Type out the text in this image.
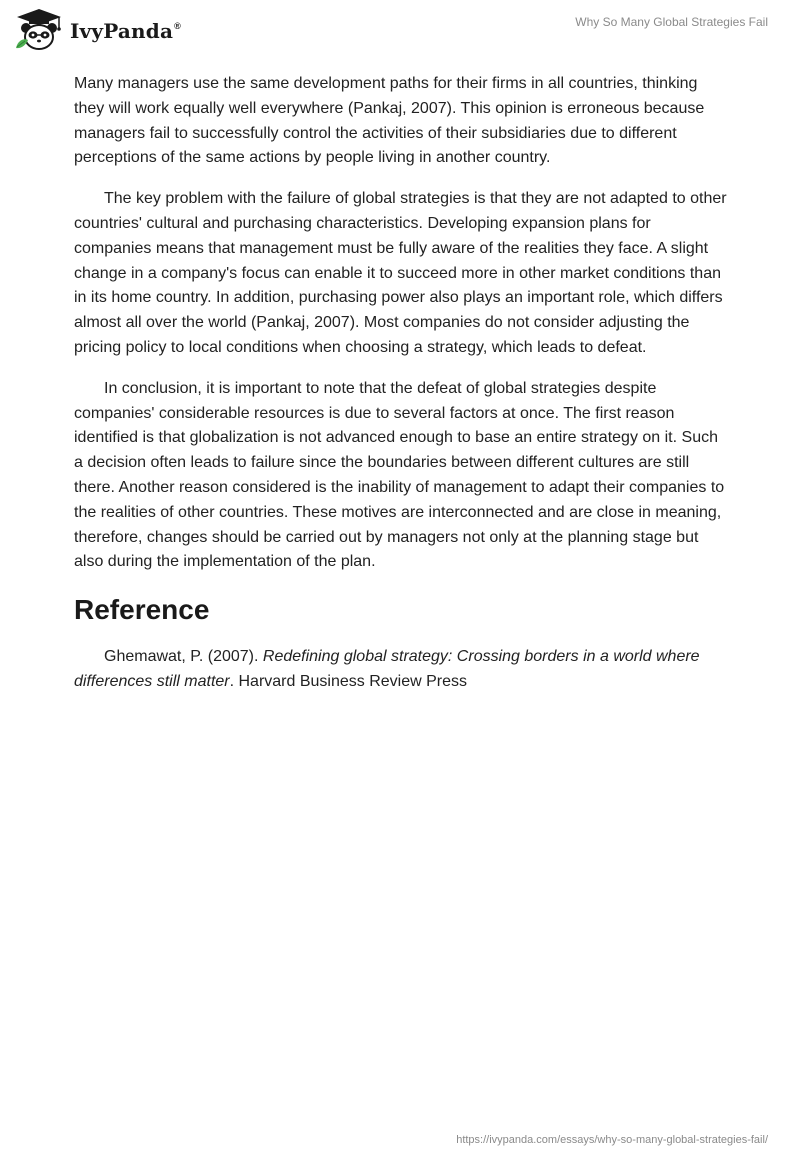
IvyPanda®	Why So Many Global Strategies Fail

Many managers use the same development paths for their firms in all countries, thinking they will work equally well everywhere (Pankaj, 2007). This opinion is erroneous because managers fail to successfully control the activities of their subsidiaries due to different perceptions of the same actions by people living in another country.

The key problem with the failure of global strategies is that they are not adapted to other countries' cultural and purchasing characteristics. Developing expansion plans for companies means that management must be fully aware of the realities they face. A slight change in a company's focus can enable it to succeed more in other market conditions than in its home country. In addition, purchasing power also plays an important role, which differs almost all over the world (Pankaj, 2007). Most companies do not consider adjusting the pricing policy to local conditions when choosing a strategy, which leads to defeat.

In conclusion, it is important to note that the defeat of global strategies despite companies' considerable resources is due to several factors at once. The first reason identified is that globalization is not advanced enough to base an entire strategy on it. Such a decision often leads to failure since the boundaries between different cultures are still there. Another reason considered is the inability of management to adapt their companies to the realities of other countries. These motives are interconnected and are close in meaning, therefore, changes should be carried out by managers not only at the planning stage but also during the implementation of the plan.

Reference

Ghemawat, P. (2007). Redefining global strategy: Crossing borders in a world where differences still matter. Harvard Business Review Press

https://ivypanda.com/essays/why-so-many-global-strategies-fail/
